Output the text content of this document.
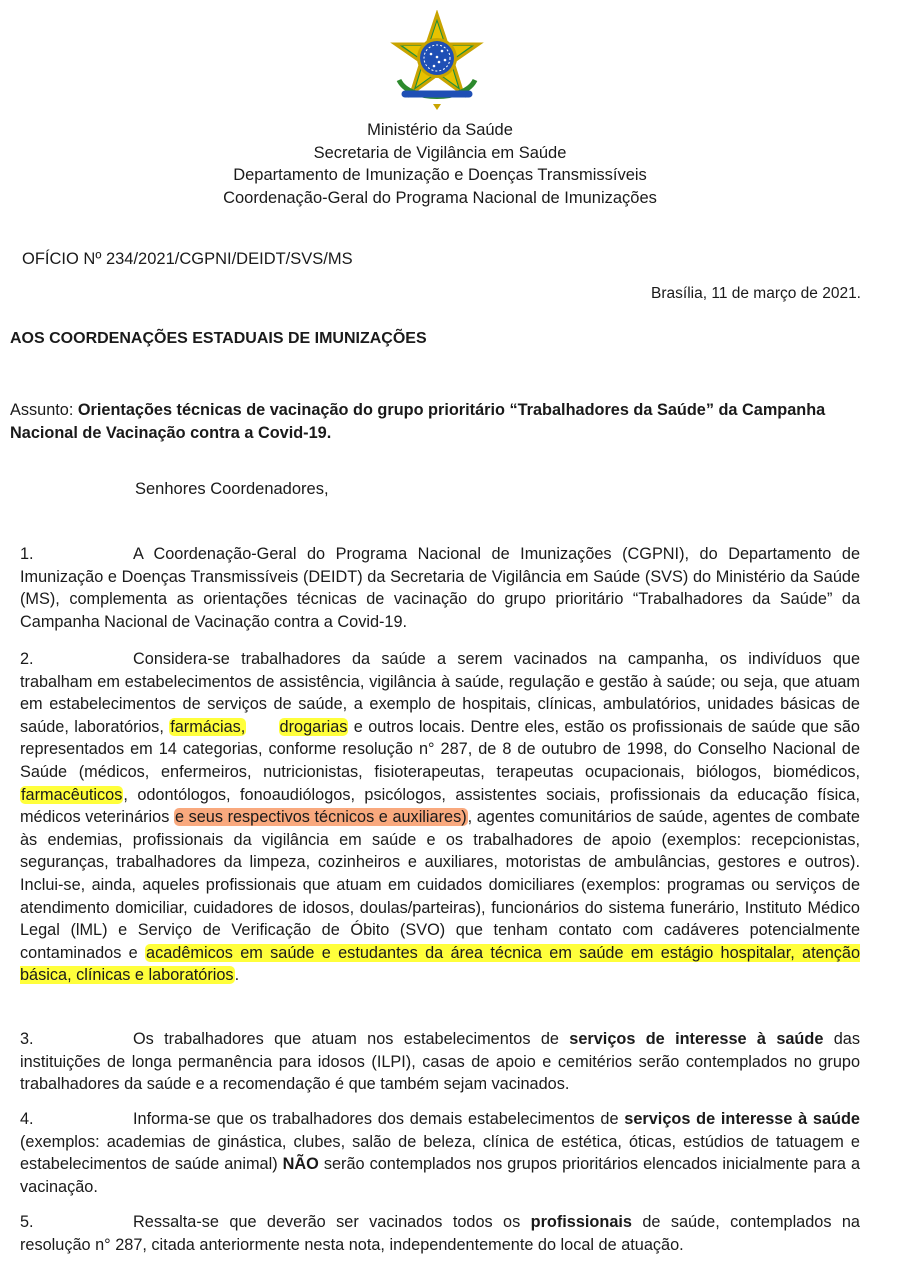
Ministério da Saúde
Secretaria de Vigilância em Saúde
Departamento de Imunização e Doenças Transmissíveis
Coordenação-Geral do Programa Nacional de Imunizações
OFÍCIO Nº 234/2021/CGPNI/DEIDT/SVS/MS
Brasília, 11 de março de 2021.
AOS COORDENAÇÕES ESTADUAIS DE IMUNIZAÇÕES
Assunto: Orientações técnicas de vacinação do grupo prioritário “Trabalhadores da Saúde” da Campanha Nacional de Vacinação contra a Covid-19.
Senhores Coordenadores,
1.	A Coordenação-Geral do Programa Nacional de Imunizações (CGPNI), do Departamento de Imunização e Doenças Transmissíveis (DEIDT) da Secretaria de Vigilância em Saúde (SVS) do Ministério da Saúde (MS), complementa as orientações técnicas de vacinação do grupo prioritário “Trabalhadores da Saúde” da Campanha Nacional de Vacinação contra a Covid-19.
2.	Considera-se trabalhadores da saúde a serem vacinados na campanha, os indivíduos que trabalham em estabelecimentos de assistência, vigilância à saúde, regulação e gestão à saúde; ou seja, que atuam em estabelecimentos de serviços de saúde, a exemplo de hospitais, clínicas, ambulatórios, unidades básicas de saúde, laboratórios, farmácias, drogarias e outros locais. Dentre eles, estão os profissionais de saúde que são representados em 14 categorias, conforme resolução n° 287, de 8 de outubro de 1998, do Conselho Nacional de Saúde (médicos, enfermeiros, nutricionistas, fisioterapeutas, terapeutas ocupacionais, biólogos, biomédicos, farmacêuticos, odontólogos, fonoaudiólogos, psicólogos, assistentes sociais, profissionais da educação física, médicos veterinários e seus respectivos técnicos e auxiliares), agentes comunitários de saúde, agentes de combate às endemias, profissionais da vigilância em saúde e os trabalhadores de apoio (exemplos: recepcionistas, seguranças, trabalhadores da limpeza, cozinheiros e auxiliares, motoristas de ambulâncias, gestores e outros). Inclui-se, ainda, aqueles profissionais que atuam em cuidados domiciliares (exemplos: programas ou serviços de atendimento domiciliar, cuidadores de idosos, doulas/parteiras), funcionários do sistema funerário, Instituto Médico Legal (lML) e Serviço de Verificação de Óbito (SVO) que tenham contato com cadáveres potencialmente contaminados e acadêmicos em saúde e estudantes da área técnica em saúde em estágio hospitalar, atenção básica, clínicas e laboratórios.
3.	Os trabalhadores que atuam nos estabelecimentos de serviços de interesse à saúde das instituições de longa permanência para idosos (ILPI), casas de apoio e cemitérios serão contemplados no grupo trabalhadores da saúde e a recomendação é que também sejam vacinados.
4.	Informa-se que os trabalhadores dos demais estabelecimentos de serviços de interesse à saúde (exemplos: academias de ginástica, clubes, salão de beleza, clínica de estética, óticas, estúdios de tatuagem e estabelecimentos de saúde animal) NÃO serão contemplados nos grupos prioritários elencados inicialmente para a vacinação.
5.	Ressalta-se que deverão ser vacinados todos os profissionais de saúde, contemplados na resolução n° 287, citada anteriormente nesta nota, independentemente do local de atuação.
